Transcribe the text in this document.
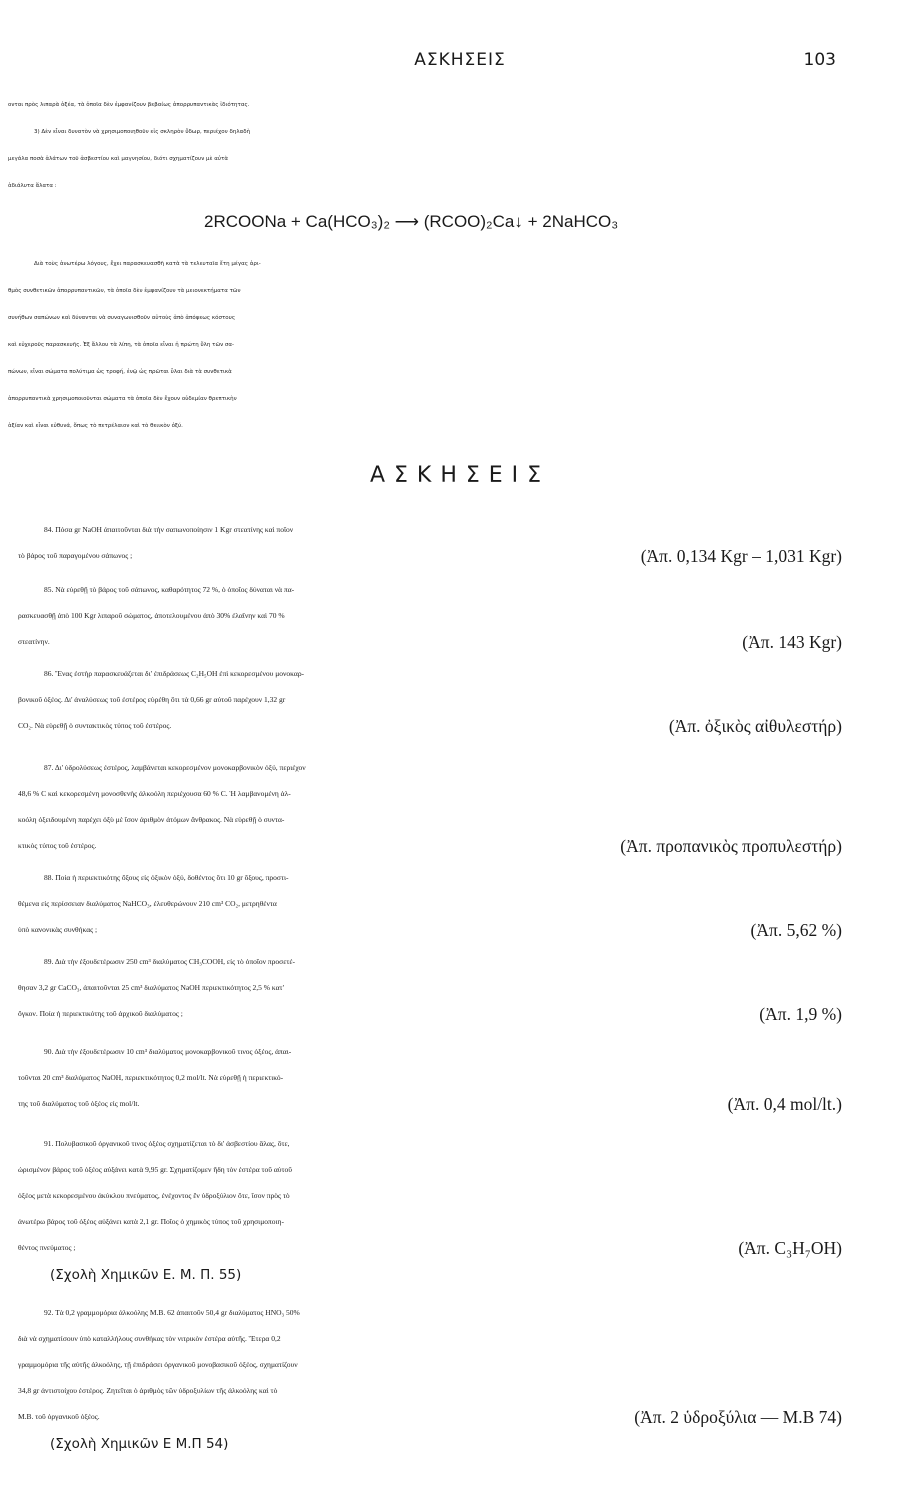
ΑΣΚΗΣΕΙΣ	103
ονται πρὸς λιπαρὰ ὀξέα, τὰ ὁποῖα δὲν ἐμφανίζουν βεβαίως ἀπορρυπαντικὰς ἰδιότητας.
3) Δὲν εἶναι δυνατὸν νὰ χρησιμοποιηθοῦν εἰς σκληρὸν ὕδωρ, περιέχον δηλαδὴ
μεγάλα ποσὰ ἁλάτων τοῦ ἀσβεστίου καὶ μαγνησίου, διότι σχηματίζουν μὲ αὐτὰ
ἀδιάλυτα ἅλατα :
2RCOONa + Ca(HCO₃)₂ ⟶ (RCOO)₂Ca↓ + 2NaHCO₃
Διὰ τοὺς ἀνωτέρω λόγους, ἔχει παρασκευασθῆ κατὰ τὰ τελευταῖα ἔτη μέγας ἀρι-
θμὸς συνθετικῶν ἀπορρυπαντικῶν, τὰ ὁποῖα δὲν ἐμφανίζουν τὰ μειονεκτήματα τῶν
συνήθων σαπώνων καὶ δύνανται νὰ συναγωνισθοῦν αὐτοὺς ἀπὸ ἀπόψεως κόστους
καὶ εὐχεροῦς παρασκευῆς. Ἐξ ἄλλου τὰ λίπη, τὰ ὁποῖα εἶναι ἡ πρώτη ὕλη τῶν σα-
πώνων, εἶναι σώματα πολύτιμα ὡς τροφή, ἐνῷ ὡς πρῶται ὗλαι διὰ τὰ συνθετικὰ
ἀπορρυπαντικὰ χρησιμοποιοῦνται σώματα τὰ ὁποῖα δὲν ἔχουν οὐδεμίαν θρεπτικὴν
ἀξίαν καὶ εἶναι εὐθυνά, ὅπως τὸ πετρέλαιον καὶ τὸ θειικὸν ὀξύ.
ΑΣΚΗΣΕΙΣ
84. Πόσα gr NaOH ἀπαιτοῦνται διὰ τὴν σαπωνοποίησιν 1 Kgr στεατίνης καὶ ποῖον
τὸ βάρος τοῦ παραγομένου σάπωνος ;	(Ἀπ. 0,134 Kgr – 1,031 Kgr)
85. Νὰ εὑρεθῇ τὸ βάρος τοῦ σάπωνος, καθαρότητος 72 %, ὁ ὁποῖος δύναται νὰ πα-
ρασκευασθῇ ἀπὸ 100 Kgr λιπαροῦ σώματος, ἀποτελουμένου ἀπὸ 30% ἐλαΐνην καὶ 70 %
στεατίνην.	(Ἀπ. 143 Kgr)
86. Ἕνας ἐστὴρ παρασκευάζεται δι' ἐπιδράσεως C₂H₅OH ἐπὶ κεκορεσμένου μονοκαρ-
βονικοῦ ὀξέος. Δι' ἀναλύσεως τοῦ ἐστέρος εὑρέθη ὅτι τὰ 0,66 gr αὐτοῦ παρέχουν 1,32 gr
CO₂. Νὰ εὑρεθῇ ὁ συντακτικὸς τύπος τοῦ ἐστέρος.	(Ἀπ. ὀξικὸς αἰθυλεστήρ)
87. Δι' ὑδρολύσεως ἐστέρος, λαμβάνεται κεκορεσμένον μονοκαρβονικὸν ὀξύ, περιέχον
48,6 % C καὶ κεκορεσμένη μονοσθενὴς ἀλκοόλη περιέχουσα 60 % C. Ἡ λαμβανομένη ἀλ-
κοόλη ὀξειδουμένη παρέχει ὀξὺ μὲ ἴσον ἀριθμὸν ἀτόμων ἄνθρακος. Νὰ εὑρεθῇ ὁ συντα-
κτικὸς τύπος τοῦ ἐστέρος.	(Ἀπ. προπανικὸς προπυλεστήρ)
88. Ποία ἡ περιεκτικότης ὄξους εἰς ὀξικὸν ὀξύ, δοθέντος ὅτι 10 gr ὄξους, προστι-
θέμενα εἰς περίσσειαν διαλύματος NaHCO₃, ἐλευθερώνουν 210 cm³ CO₂, μετρηθέντα
ὑπὸ κανονικὰς συνθήκας ;	(Ἀπ. 5,62 %)
89. Διὰ τὴν ἐξουδετέρωσιν 250 cm³ διαλύματος CH₃COOH, εἰς τὸ ὁποῖον προσετέ-
θησαν 3,2 gr CaCO₃, ἀπαιτοῦνται 25 cm³ διαλύματος NaOH περιεκτικότητος 2,5 % κατ'
ὄγκον. Ποία ἡ περιεκτικότης τοῦ ἀρχικοῦ διαλύματος ;	(Ἀπ. 1,9 %)
90. Διὰ τὴν ἐξουδετέρωσιν 10 cm³ διαλύματος μονοκαρβονικοῦ τινος ὀξέος, ἀπαι-
τοῦνται 20 cm³ διαλύματος NaOH, περιεκτικότητος 0,2 mol/lt. Νὰ εὑρεθῇ ἡ περιεκτικό-
της τοῦ διαλύματος τοῦ ὀξέος εἰς mol/lt.	(Ἀπ. 0,4 mol/lt.)
91. Πολυβασικοῦ ὀργανικοῦ τινος ὀξέος σχηματίζεται τὸ δι' ἀσβεστίου ἅλας, ὅτε,
ὡρισμένον βάρος τοῦ ὀξέος αὐξάνει κατὰ 9,95 gr. Σχηματίζομεν ἤδη τὸν ἐστέρα τοῦ αὐτοῦ
ὀξέος μετὰ κεκορεσμένου ἀκύκλου πνεύματος, ἐνέχοντος ἓν ὑδροξύλιον ὅτε, ἴσον πρὸς τὸ
ἀνωτέρω βάρος τοῦ ὀξέος αὐξάνει κατὰ 2,1 gr. Ποῖος ὁ χημικὸς τύπος τοῦ χρησιμοποιη-
θέντος πνεύματος ;	(Ἀπ. C₃H₇OH)
(Σχολὴ Χημικῶν Ε. Μ. Π. 55)
92. Τὰ 0,2 γραμμομόρια ἀλκοόλης Μ.Β. 62 ἀπαιτοῦν 50,4 gr διαλύματος HNO₃ 50%
διὰ νὰ σχηματίσουν ὑπὸ καταλλήλους συνθήκας τὸν νιτρικὸν ἐστέρα αὐτῆς. Ἕτερα 0,2
γραμμομόρια τῆς αὐτῆς ἀλκοόλης, τῇ ἐπιδράσει ὀργανικοῦ μονοβασικοῦ ὀξέος, σχηματίζουν
34,8 gr ἀντιστοίχου ἐστέρος. Ζητεῖται ὁ ἀριθμὸς τῶν ὑδροξυλίων τῆς ἀλκοόλης καὶ τὸ
Μ.Β. τοῦ ὀργανικοῦ ὀξέος.	(Ἀπ. 2 ὑδροξύλια — Μ.Β 74)
(Σχολὴ Χημικῶν Ε Μ.Π 54)
